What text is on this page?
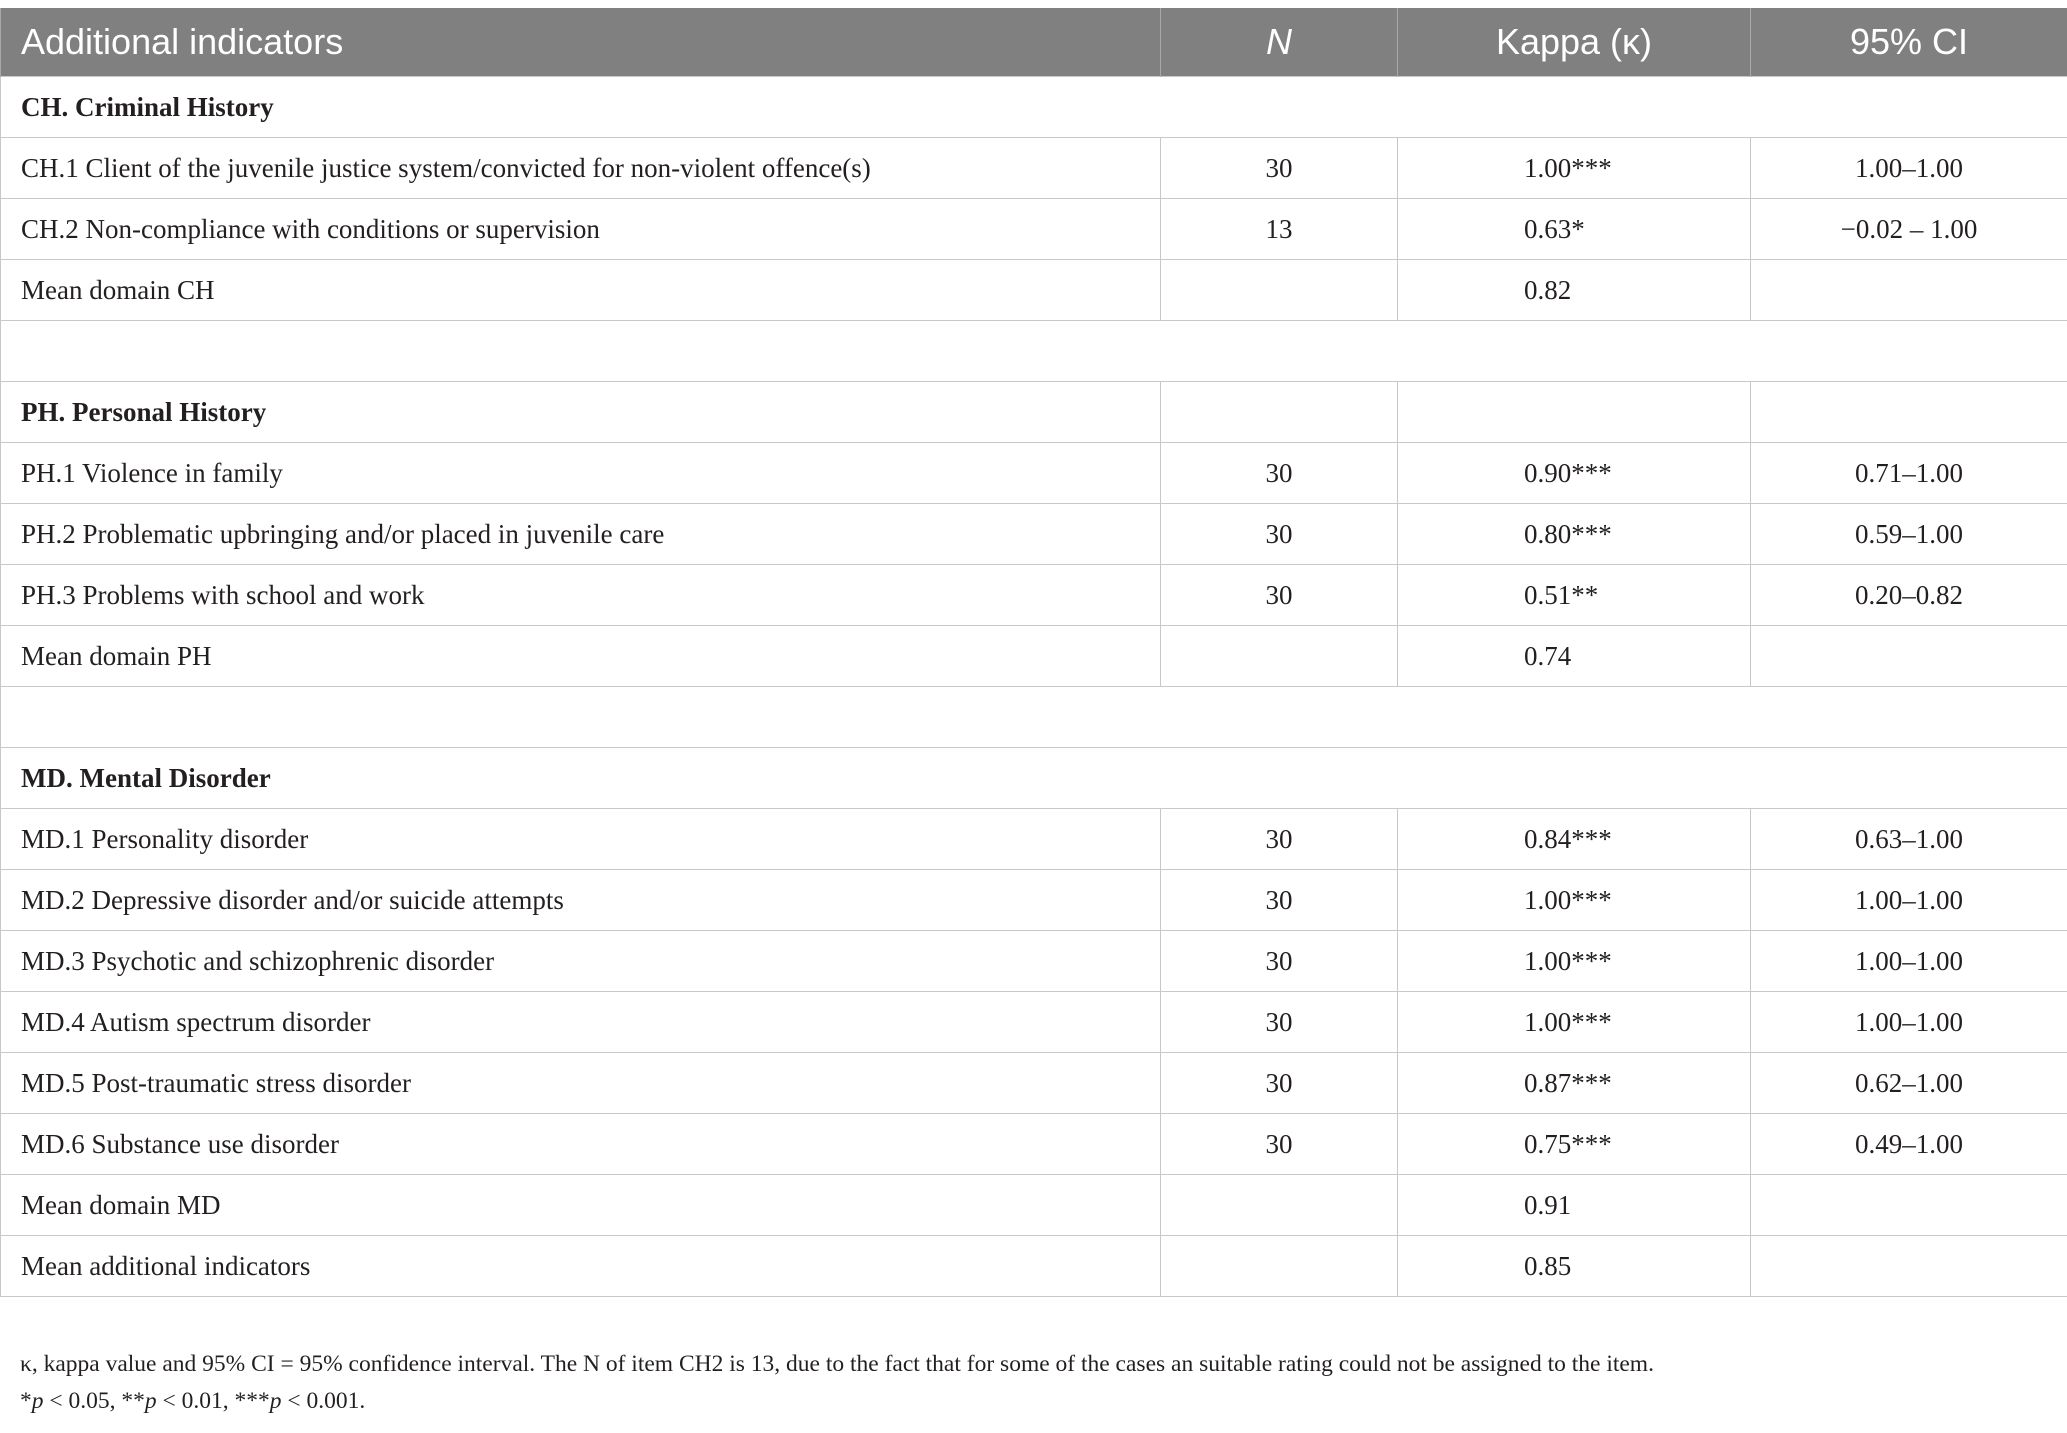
Additional indicators	N	Kappa (κ)	95% CI
CH. Criminal History			
CH.1 Client of the juvenile justice system/convicted for non-violent offence(s)	30	1.00***	1.00–1.00
CH.2 Non-compliance with conditions or supervision	13	0.63*	−0.02 – 1.00
Mean domain CH		0.82	

PH. Personal History			
PH.1 Violence in family	30	0.90***	0.71–1.00
PH.2 Problematic upbringing and/or placed in juvenile care	30	0.80***	0.59–1.00
PH.3 Problems with school and work	30	0.51**	0.20–0.82
Mean domain PH		0.74	

MD. Mental Disorder			
MD.1 Personality disorder	30	0.84***	0.63–1.00
MD.2 Depressive disorder and/or suicide attempts	30	1.00***	1.00–1.00
MD.3 Psychotic and schizophrenic disorder	30	1.00***	1.00–1.00
MD.4 Autism spectrum disorder	30	1.00***	1.00–1.00
MD.5 Post-traumatic stress disorder	30	0.87***	0.62–1.00
MD.6 Substance use disorder	30	0.75***	0.49–1.00
Mean domain MD		0.91	
Mean additional indicators		0.85	
κ, kappa value and 95% CI = 95% confidence interval. The N of item CH2 is 13, due to the fact that for some of the cases an suitable rating could not be assigned to the item.
*p < 0.05, **p < 0.01, ***p < 0.001.
